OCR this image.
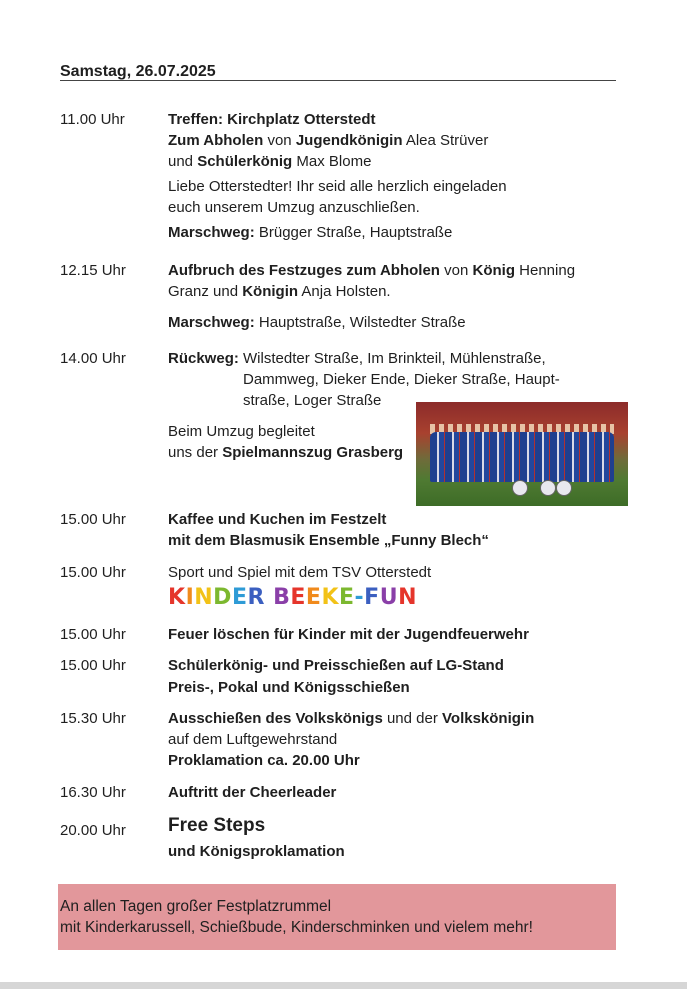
Samstag, 26.07.2025
11.00 Uhr	Treffen: Kirchplatz Otterstedt
Zum Abholen von Jugendkönigin Alea Strüver
und Schülerkönig Max Blome
Liebe Otterstedter! Ihr seid alle herzlich eingeladen
euch unserem Umzug anzuschließen.
Marschweg: Brügger Straße, Hauptstraße
12.15 Uhr	Aufbruch des Festzuges zum Abholen von König Henning
Granz und Königin Anja Holsten.
Marschweg: Hauptstraße, Wilstedter Straße
14.00 Uhr	Rückweg: Wilstedter Straße, Im Brinkteil, Mühlenstraße,
Dammweg, Dieker Ende, Dieker Straße, Haupt-
straße, Loger Straße
Beim Umzug begleitet
uns der Spielmannszug Grasberg
15.00 Uhr	Kaffee und Kuchen im Festzelt
mit dem Blasmusik Ensemble „Funny Blech“
15.00 Uhr	Sport und Spiel mit dem TSV Otterstedt
KINDER BEEKE-FUN
15.00 Uhr	Feuer löschen für Kinder mit der Jugendfeuerwehr
15.00 Uhr	Schülerkönig- und Preisschießen auf LG-Stand
Preis-, Pokal und Königsschießen
15.30 Uhr	Ausschießen des Volkskönigs und der Volkskönigin
auf dem Luftgewehrstand
Proklamation ca. 20.00 Uhr
16.30 Uhr	Auftritt der Cheerleader
20.00 Uhr Free Steps
und Königsproklamation
An allen Tagen großer Festplatzrummel
mit Kinderkarussell, Schießbude, Kinderschminken und vielem mehr!
